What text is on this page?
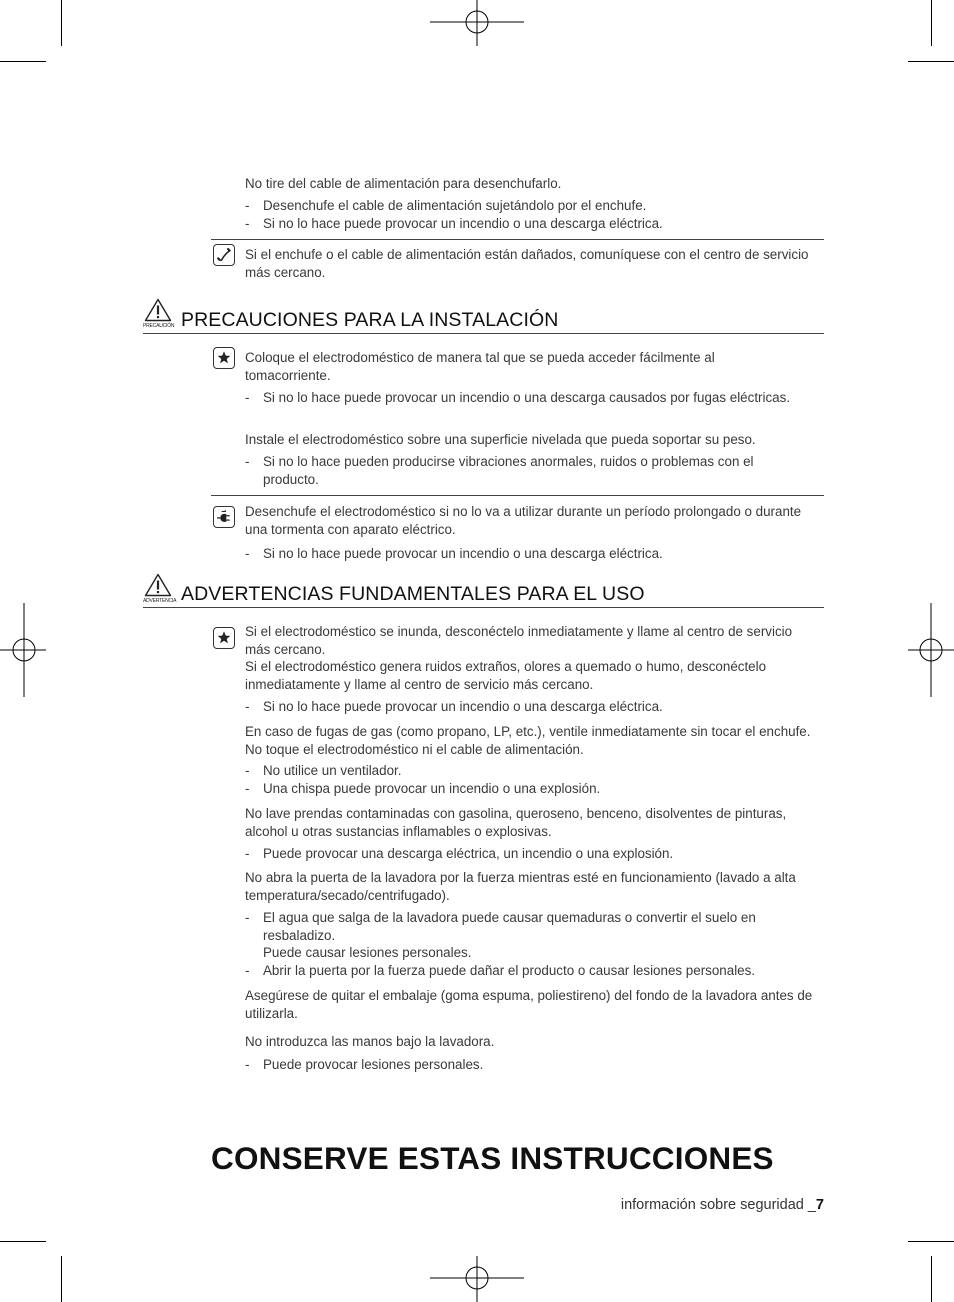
No tire del cable de alimentación para desenchufarlo.
- Desenchufe el cable de alimentación sujetándolo por el enchufe.
- Si no lo hace puede provocar un incendio o una descarga eléctrica.
Si el enchufe o el cable de alimentación están dañados, comuníquese con el centro de servicio más cercano.
PRECAUCIÓN PRECAUCIONES PARA LA INSTALACIÓN
Coloque el electrodoméstico de manera tal que se pueda acceder fácilmente al tomacorriente.
- Si no lo hace puede provocar un incendio o una descarga causados por fugas eléctricas.
Instale el electrodoméstico sobre una superficie nivelada que pueda soportar su peso.
- Si no lo hace pueden producirse vibraciones anormales, ruidos o problemas con el producto.
Desenchufe el electrodoméstico si no lo va a utilizar durante un período prolongado o durante una tormenta con aparato eléctrico.
- Si no lo hace puede provocar un incendio o una descarga eléctrica.
ADVERTENCIA ADVERTENCIAS FUNDAMENTALES PARA EL USO
Si el electrodoméstico se inunda, desconéctelo inmediatamente y llame al centro de servicio más cercano.
Si el electrodoméstico genera ruidos extraños, olores a quemado o humo, desconéctelo inmediatamente y llame al centro de servicio más cercano.
- Si no lo hace puede provocar un incendio o una descarga eléctrica.
En caso de fugas de gas (como propano, LP, etc.), ventile inmediatamente sin tocar el enchufe. No toque el electrodoméstico ni el cable de alimentación.
- No utilice un ventilador.
- Una chispa puede provocar un incendio o una explosión.
No lave prendas contaminadas con gasolina, queroseno, benceno, disolventes de pinturas, alcohol u otras sustancias inflamables o explosivas.
- Puede provocar una descarga eléctrica, un incendio o una explosión.
No abra la puerta de la lavadora por la fuerza mientras esté en funcionamiento (lavado a alta temperatura/secado/centrifugado).
- El agua que salga de la lavadora puede causar quemaduras o convertir el suelo en resbaladizo.
Puede causar lesiones personales.
- Abrir la puerta por la fuerza puede dañar el producto o causar lesiones personales.
Asegúrese de quitar el embalaje (goma espuma, poliestireno) del fondo de la lavadora antes de utilizarla.
No introduzca las manos bajo la lavadora.
- Puede provocar lesiones personales.
CONSERVE ESTAS INSTRUCCIONES
información sobre seguridad _7
